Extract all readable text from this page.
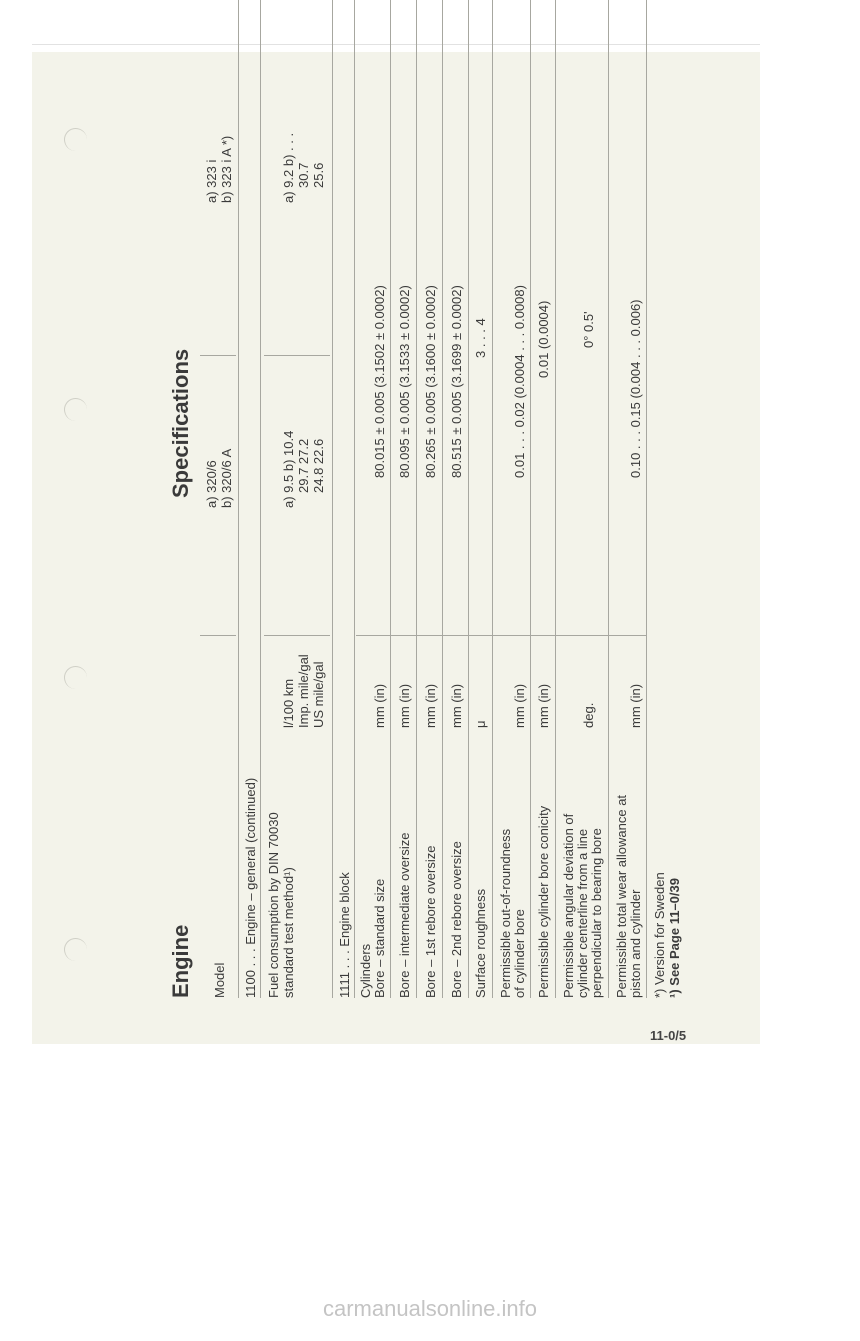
Engine
Specifications
Model
a) 320/6 b) 320/6 A
a) 323 i b) 323 i A *)
1100 . . . Engine – general (continued) Fuel consumption by DIN 70030 standard test method¹)
l/100 km Imp. mile/gal US mile/gal
a) 9.5 b) 10.4 29.7 27.2 24.8 22.6
a) 9.2 b) . . . 30.7 25.6
1111 . . . Engine block Cylinders Bore – standard size
mm (in)
80.015 ± 0.005 (3.1502 ± 0.0002)
Bore – intermediate oversize
mm (in)
80.095 ± 0.005 (3.1533 ± 0.0002)
Bore – 1st rebore oversize
mm (in)
80.265 ± 0.005 (3.1600 ± 0.0002)
Bore – 2nd rebore oversize
mm (in)
80.515 ± 0.005 (3.1699 ± 0.0002)
Surface roughness
μ
3 . . . 4
Permissible out-of-roundness of cylinder bore
mm (in)
0.01 . . . 0.02 (0.0004 . . . 0.0008)
Permissible cylinder bore conicity
mm (in)
0.01 (0.0004)
Permissible angular deviation of cylinder centerline from a line perpendicular to bearing bore
deg.
0° 0.5'
Permissible total wear allowance at piston and cylinder
mm (in)
0.10 . . . 0.15 (0.004 . . . 0.006)
*) Version for Sweden ¹) See Page 11–0/39
11-0/5
carmanualsonline.info
